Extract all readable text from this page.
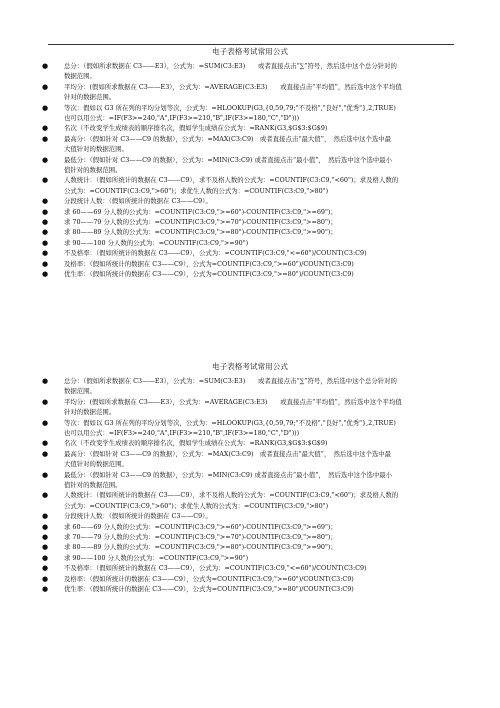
电子表格考试常用公式
●	总分：（假如所求数据在 C3——E3），公式为：=SUM(C3:E3)　　或者直接点击“∑”符号，然后选中这个总分针对的
数据范围。
●	平均分：(假如所求数据在 C3——E3），公式为：=AVERAGE(C3:E3)　　或直接点击“平均值”，然后选中这个平均值
针对的数据范围。
●	等次：假如以 G3 所在列的平均分划等次，公式为：=HLOOKUP(G3,{0,59,79;"不及格","良好","优秀"},2,TRUE)
也可以用公式：=IF(F3>=240,"A",IF(F3>=210,"B",IF(F3>=180,"C","D")))
●	名次（不改变学生成绩表的顺序排名次，假如学生成绩在公式为：=RANK(G3,$G$3:$G$9)
●	最高分：（假如针对 C3——C9 的数据），公式为：=MAX(C3:C9)　或者直接点击“最大值”，　然后选中这个选中最
大值针对的数据范围。
●	最低分：（假如针对 C3——C9 的数据），公式为：=MIN(C3:C9) 或者直接点击“最小值”，　然后选中这个选中最小
值针对的数据范围。
●	人数统计：（假如所统计的数据在 C3——C9），求不及格人数的公式为：=COUNTIF(C3:C9,"<60")；求及格人数的
公式为：=COUNTIF(C3:C9,">60")；求优生人数的公式为：=COUNTIF(C3:C9,">80")
●	分段统计人数：（假如所统计的数据在 C3——C9）。
●	求 60——69 分人数的公式为：=COUNTIF(C3:C9,">=60")-COUNTIF(C3:C9,">=69")；
●	求 70——79 分人数的公式为：=COUNTIF(C3:C9,">=70")-COUNTIF(C3:C9,">=80")；
●	求 80——89 分人数的公式为：=COUNTIF(C3:C9,">=80")-COUNTIF(C3:C9,">=90")；
●	求 90——100 分人数的公式为：=COUNTIF(C3:C9,">=90")
●	不及格率：（假如所统计的数据在 C3——C9），公式为：=COUNTIF(C3:C9,"<=60")/COUNT(C3:C9)
●	及格率：（假如所统计的数据在 C3——C9），公式为=COUNTIF(C3:C9,">=60")/COUNT(C3:C9)
●	优生率：（假如所统计的数据在 C3——C9），公式为=COUNTIF(C3:C9,">=80")/COUNT(C3:C9)
电子表格考试常用公式
●	总分：（假如所求数据在 C3——E3），公式为：=SUM(C3:E3)　　或者直接点击“∑”符号，然后选中这个总分针对的
数据范围。
●	平均分：(假如所求数据在 C3——E3），公式为：=AVERAGE(C3:E3)　　或直接点击“平均值”，然后选中这个平均值
针对的数据范围。
●	等次：假如以 G3 所在列的平均分划等次，公式为：=HLOOKUP(G3,{0,59,79;"不及格","良好","优秀"},2,TRUE)
也可以用公式：=IF(F3>=240,"A",IF(F3>=210,"B",IF(F3>=180,"C","D")))
●	名次（不改变学生成绩表的顺序排名次，假如学生成绩在公式为：=RANK(G3,$G$3:$G$9)
●	最高分：（假如针对 C3——C9 的数据），公式为：=MAX(C3:C9)　或者直接点击“最大值”，　然后选中这个选中最
大值针对的数据范围。
●	最低分：（假如针对 C3——C9 的数据），公式为：=MIN(C3:C9) 或者直接点击“最小值”，　然后选中这个选中最小
值针对的数据范围。
●	人数统计：（假如所统计的数据在 C3——C9），求不及格人数的公式为：=COUNTIF(C3:C9,"<60")；求及格人数的
公式为：=COUNTIF(C3:C9,">60")；求优生人数的公式为：=COUNTIF(C3:C9,">80")
●	分段统计人数：（假如所统计的数据在 C3——C9）。
●	求 60——69 分人数的公式为：=COUNTIF(C3:C9,">=60")-COUNTIF(C3:C9,">=69")；
●	求 70——79 分人数的公式为：=COUNTIF(C3:C9,">=70")-COUNTIF(C3:C9,">=80")；
●	求 80——89 分人数的公式为：=COUNTIF(C3:C9,">=80")-COUNTIF(C3:C9,">=90")；
●	求 90——100 分人数的公式为：=COUNTIF(C3:C9,">=90")
●	不及格率：（假如所统计的数据在 C3——C9），公式为：=COUNTIF(C3:C9,"<=60")/COUNT(C3:C9)
●	及格率：（假如所统计的数据在 C3——C9），公式为=COUNTIF(C3:C9,">=60")/COUNT(C3:C9)
●	优生率：（假如所统计的数据在 C3——C9），公式为=COUNTIF(C3:C9,">=80")/COUNT(C3:C9)
